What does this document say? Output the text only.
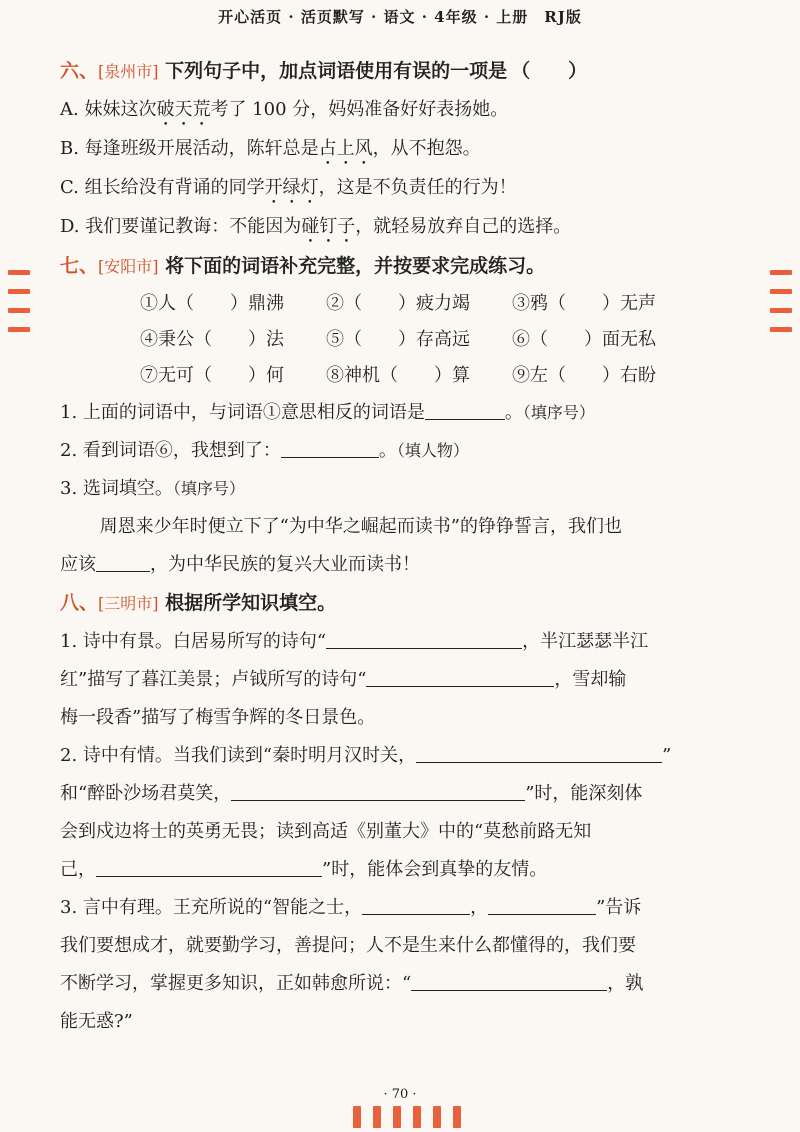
开心活页 · 活页默写 · 语文 · 4年级 · 上册　RJ版

六、[泉州市] 下列句子中，加点词语使用有误的一项是 （　　）

A. 妹妹这次破天荒考了 100 分，妈妈准备好好表扬她。

B. 每逢班级开展活动，陈轩总是占上风，从不抱怨。

C. 组长给没有背诵的同学开绿灯，这是不负责任的行为！

D. 我们要谨记教诲：不能因为碰钉子，就轻易放弃自己的选择。

七、[安阳市] 将下面的词语补充完整，并按要求完成练习。

①人（　　）鼎沸 ②（　　）疲力竭 ③鸦（　　）无声
④秉公（　　）法 ⑤（　　）存高远 ⑥（　　）面无私
⑦无可（　　）何 ⑧神机（　　）算 ⑨左（　　）右盼

1. 上面的词语中，与词语①意思相反的词语是	。（填序号）

2. 看到词语⑥，我想到了：	。（填人物）

3. 选词填空。（填序号）

周恩来少年时便立下了“为中华之崛起而读书”的铮铮誓言，我们也

应该	，为中华民族的复兴大业而读书！

八、[三明市] 根据所学知识填空。

1. 诗中有景。白居易所写的诗句“	，半江瑟瑟半江

红”描写了暮江美景；卢钺所写的诗句“	，雪却输

梅一段香”描写了梅雪争辉的冬日景色。

2. 诗中有情。当我们读到“秦时明月汉时关，	”

和“醉卧沙场君莫笑，	”时，能深刻体

会到戍边将士的英勇无畏；读到高适《别董大》中的“莫愁前路无知

己，	”时，能体会到真挚的友情。

3. 言中有理。王充所说的“智能之士，	，	”告诉

我们要想成才，就要勤学习，善提问；人不是生来什么都懂得的，我们要

不断学习，掌握更多知识，正如韩愈所说：“	，孰

能无惑?”

· 70 ·
